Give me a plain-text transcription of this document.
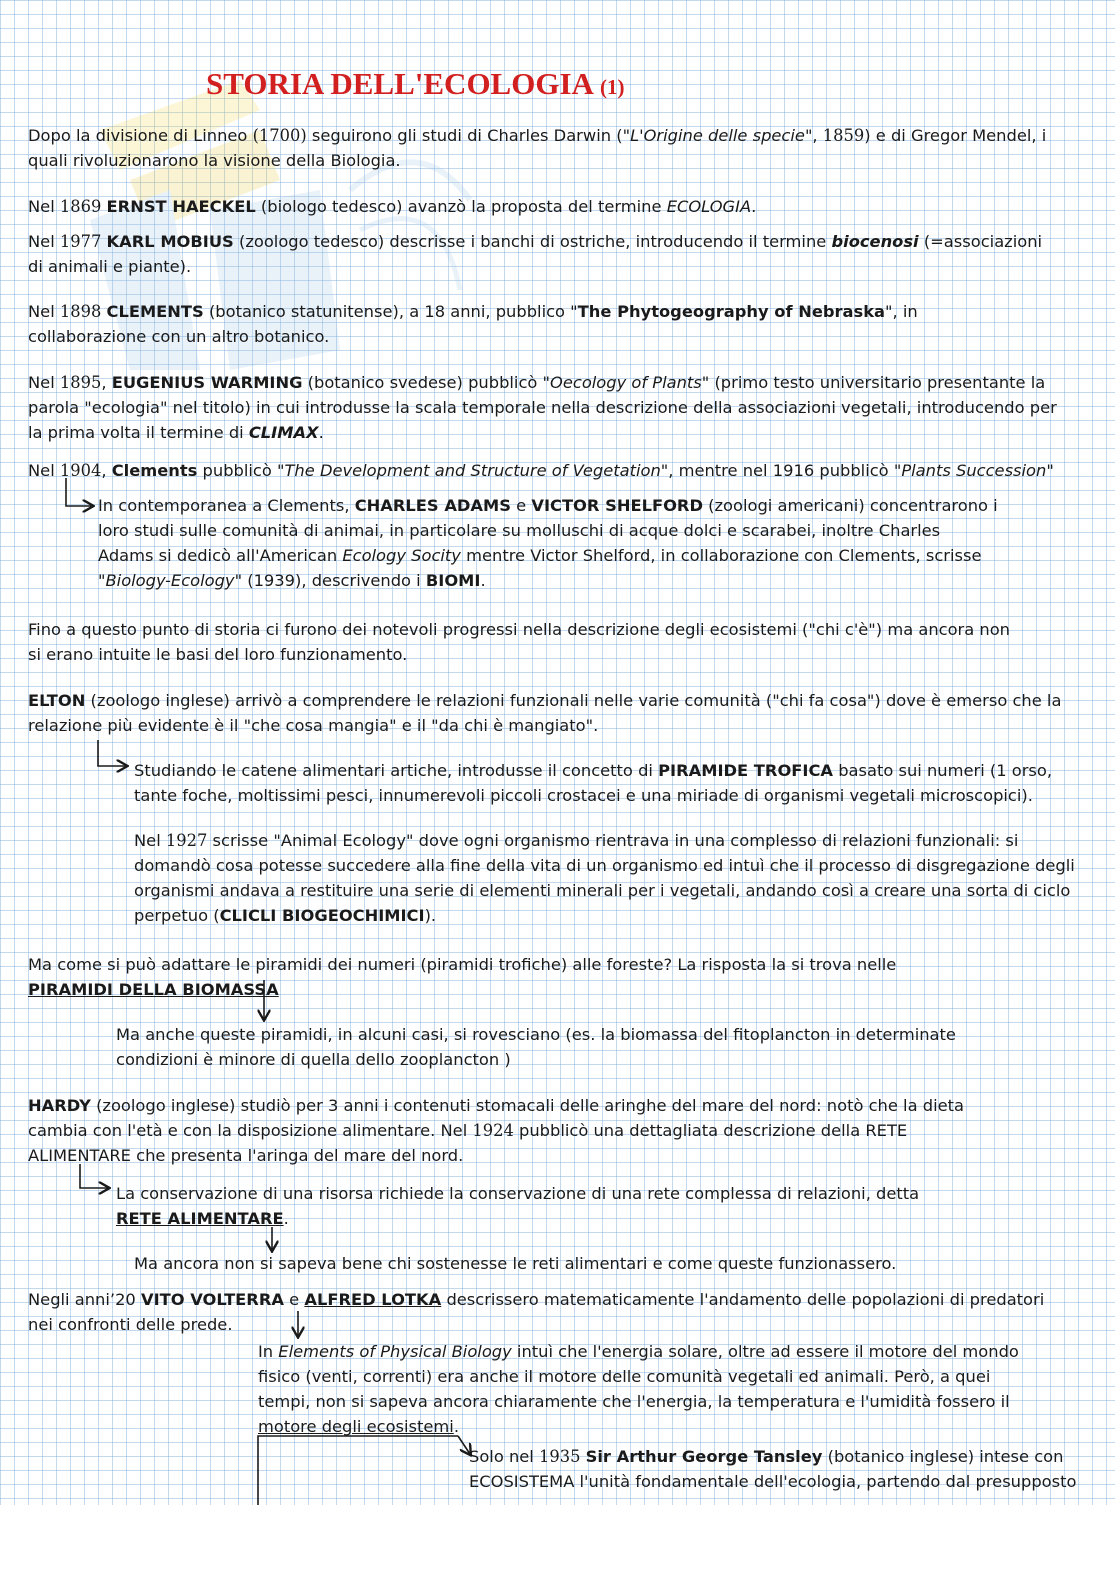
STORIA DELL'ECOLOGIA (1)
Dopo la divisione di Linneo (1700) seguirono gli studi di Charles Darwin ("L'Origine delle specie", 1859) e di Gregor Mendel, i
quali rivoluzionarono la visione della Biologia.
Nel 1869 ERNST HAECKEL (biologo tedesco) avanzò la proposta del termine ECOLOGIA.
Nel 1977 KARL MOBIUS (zoologo tedesco) descrisse i banchi di ostriche, introducendo il termine biocenosi (=associazioni
di animali e piante).
Nel 1898 CLEMENTS (botanico statunitense), a 18 anni, pubblico "The Phytogeography of Nebraska", in
collaborazione con un altro botanico.
Nel 1895, EUGENIUS WARMING (botanico svedese) pubblicò "Oecology of Plants" (primo testo universitario presentante la
parola "ecologia" nel titolo) in cui introdusse la scala temporale nella descrizione della associazioni vegetali, introducendo per
la prima volta il termine di CLIMAX.
Nel 1904, Clements pubblicò "The Development and Structure of Vegetation", mentre nel 1916 pubblicò "Plants Succession"
In contemporanea a Clements, CHARLES ADAMS e VICTOR SHELFORD (zoologi americani) concentrarono i
loro studi sulle comunità di animai, in particolare su molluschi di acque dolci e scarabei, inoltre Charles
Adams si dedicò all'American Ecology Socity mentre Victor Shelford, in collaborazione con Clements, scrisse
"Biology-Ecology" (1939), descrivendo i BIOMI.
Fino a questo punto di storia ci furono dei notevoli progressi nella descrizione degli ecosistemi ("chi c'è") ma ancora non
si erano intuite le basi del loro funzionamento.
ELTON (zoologo inglese) arrivò a comprendere le relazioni funzionali nelle varie comunità ("chi fa cosa") dove è emerso che la
relazione più evidente è il "che cosa mangia" e il "da chi è mangiato".
Studiando le catene alimentari artiche, introdusse il concetto di PIRAMIDE TROFICA basato sui numeri (1 orso,
tante foche, moltissimi pesci, innumerevoli piccoli crostacei e una miriade di organismi vegetali microscopici).
Nel 1927 scrisse "Animal Ecology" dove ogni organismo rientrava in una complesso di relazioni funzionali: si
domandò cosa potesse succedere alla fine della vita di un organismo ed intuì che il processo di disgregazione degli
organismi andava a restituire una serie di elementi minerali per i vegetali, andando così a creare una sorta di ciclo
perpetuo (CLICLI BIOGEOCHIMICI).
Ma come si può adattare le piramidi dei numeri (piramidi trofiche) alle foreste? La risposta la si trova nelle
PIRAMIDI DELLA BIOMASSA
Ma anche queste piramidi, in alcuni casi, si rovesciano (es. la biomassa del fitoplancton in determinate
condizioni è minore di quella dello zooplancton )
HARDY (zoologo inglese) studiò per 3 anni i contenuti stomacali delle aringhe del mare del nord: notò che la dieta
cambia con l'età e con la disposizione alimentare. Nel 1924 pubblicò una dettagliata descrizione della RETE
ALIMENTARE che presenta l'aringa del mare del nord.
La conservazione di una risorsa richiede la conservazione di una rete complessa di relazioni, detta
RETE ALIMENTARE.
Ma ancora non si sapeva bene chi sostenesse le reti alimentari e come queste funzionassero.
Negli anni’20 VITO VOLTERRA e ALFRED LOTKA descrissero matematicamente l'andamento delle popolazioni di predatori
nei confronti delle prede.
In Elements of Physical Biology intuì che l'energia solare, oltre ad essere il motore del mondo
fisico (venti, correnti) era anche il motore delle comunità vegetali ed animali. Però, a quei
tempi, non si sapeva ancora chiaramente che l'energia, la temperatura e l'umidità fossero il
motore degli ecosistemi.
Solo nel 1935 Sir Arthur George Tansley (botanico inglese) intese con
ECOSISTEMA l'unità fondamentale dell'ecologia, partendo dal presupposto
